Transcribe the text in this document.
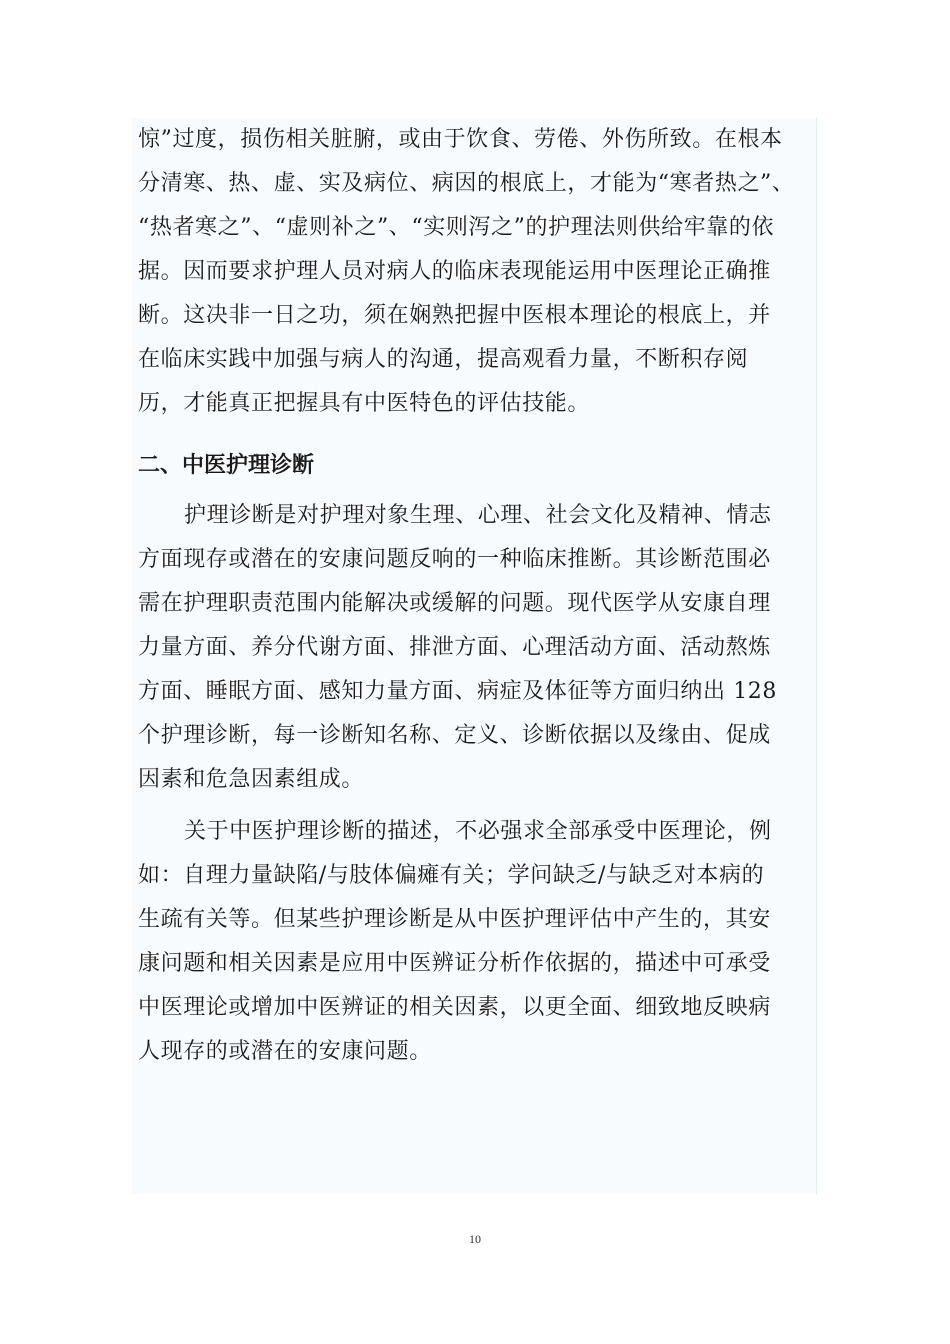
惊”过度，损伤相关脏腑，或由于饮食、劳倦、外伤所致。在根本
分清寒、热、虚、实及病位、病因的根底上，才能为“寒者热之”、
“热者寒之”、“虚则补之”、“实则泻之”的护理法则供给牢靠的依
据。因而要求护理人员对病人的临床表现能运用中医理论正确推
断。这决非一日之功，须在娴熟把握中医根本理论的根底上，并
在临床实践中加强与病人的沟通，提高观看力量，不断积存阅
历，才能真正把握具有中医特色的评估技能。
二、中医护理诊断
护理诊断是对护理对象生理、心理、社会文化及精神、情志
方面现存或潜在的安康问题反响的一种临床推断。其诊断范围必
需在护理职责范围内能解决或缓解的问题。现代医学从安康自理
力量方面、养分代谢方面、排泄方面、心理活动方面、活动熬炼
方面、睡眠方面、感知力量方面、病症及体征等方面归纳出 128
个护理诊断，每一诊断知名称、定义、诊断依据以及缘由、促成
因素和危急因素组成。
关于中医护理诊断的描述，不必强求全部承受中医理论，例
如：自理力量缺陷/与肢体偏瘫有关；学问缺乏/与缺乏对本病的
生疏有关等。但某些护理诊断是从中医护理评估中产生的，其安
康问题和相关因素是应用中医辨证分析作依据的，描述中可承受
中医理论或增加中医辨证的相关因素，以更全面、细致地反映病
人现存的或潜在的安康问题。
10
